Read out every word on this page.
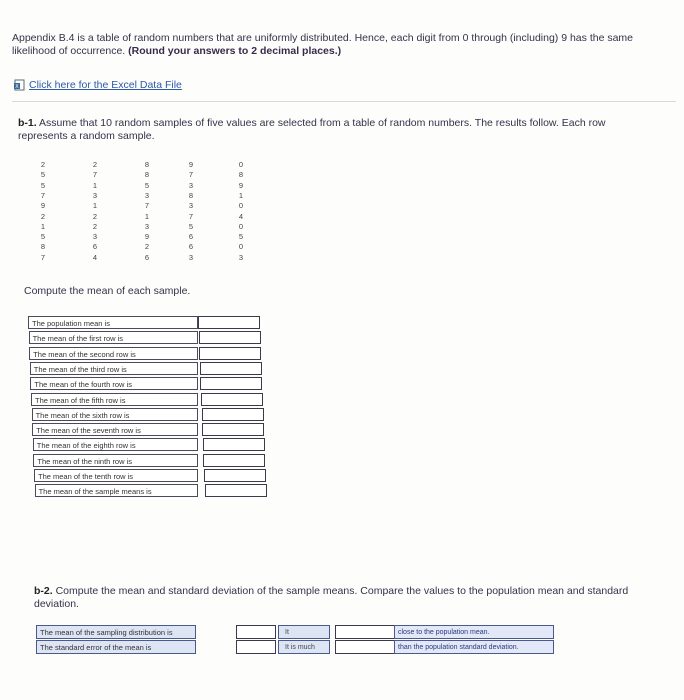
Appendix B.4 is a table of random numbers that are uniformly distributed. Hence, each digit from 0 through (including) 9 has the same likelihood of occurrence. (Round your answers to 2 decimal places.)
X Click here for the Excel Data File
b-1. Assume that 10 random samples of five values are selected from a table of random numbers. The results follow. Each row represents a random sample.
2	2	8	9	0
5	7	8	7	8
5	1	5	3	9
7	3	3	8	1
9	1	7	3	0
2	2	1	7	4
1	2	3	5	0
5	3	9	6	5
8	6	2	6	0
7	4	6	3	3
Compute the mean of each sample.
The population mean is
The mean of the first row is
The mean of the second row is
The mean of the third row is
The mean of the fourth row is
The mean of the fifth row is
The mean of the sixth row is
The mean of the seventh row is
The mean of the eighth row is
The mean of the ninth row is
The mean of the tenth row is
The mean of the sample means is
b-2. Compute the mean and standard deviation of the sample means. Compare the values to the population mean and standard deviation.
The mean of the sampling distribution is	It	close to the population mean.
The standard error of the mean is	It is much	than the population standard deviation.
